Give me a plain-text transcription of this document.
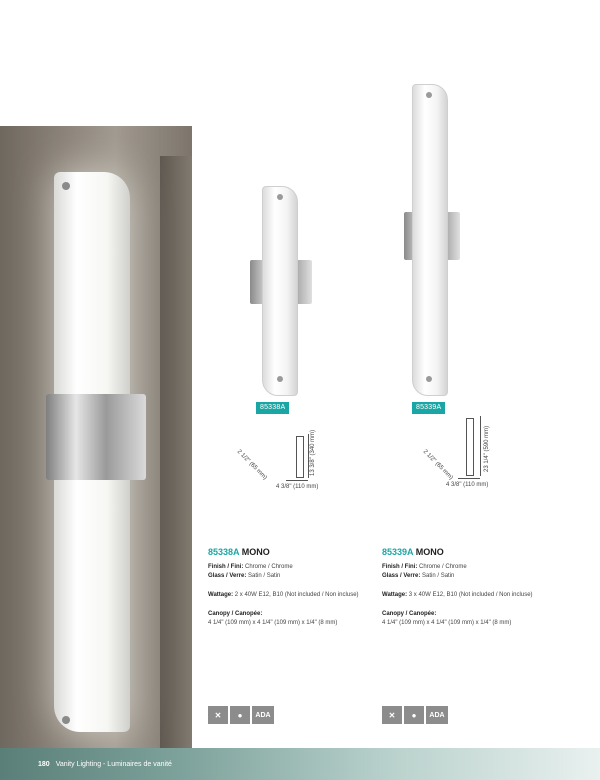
85338A	85339A
13 3/8" (340 mm)
2 1/2" (65 mm)
4 3/8" (110 mm)
23 1/4" (590 mm)
2 1/2" (65 mm)
4 3/8" (110 mm)
85338A MONO
Finish / Fini: Chrome / Chrome
Glass / Verre: Satin / Satin
Wattage: 2 x 40W E12, B10 (Not included / Non incluse)
Canopy / Canopée:
4 1/4" (109 mm) x 4 1/4" (109 mm) x 1/4" (8 mm)
85339A MONO
Finish / Fini: Chrome / Chrome
Glass / Verre: Satin / Satin
Wattage: 3 x 40W E12, B10 (Not included / Non incluse)
Canopy / Canopée:
4 1/4" (109 mm) x 4 1/4" (109 mm) x 1/4" (8 mm)
✕	●	ADA	✕	●	ADA
180 Vanity Lighting - Luminaires de vanité
